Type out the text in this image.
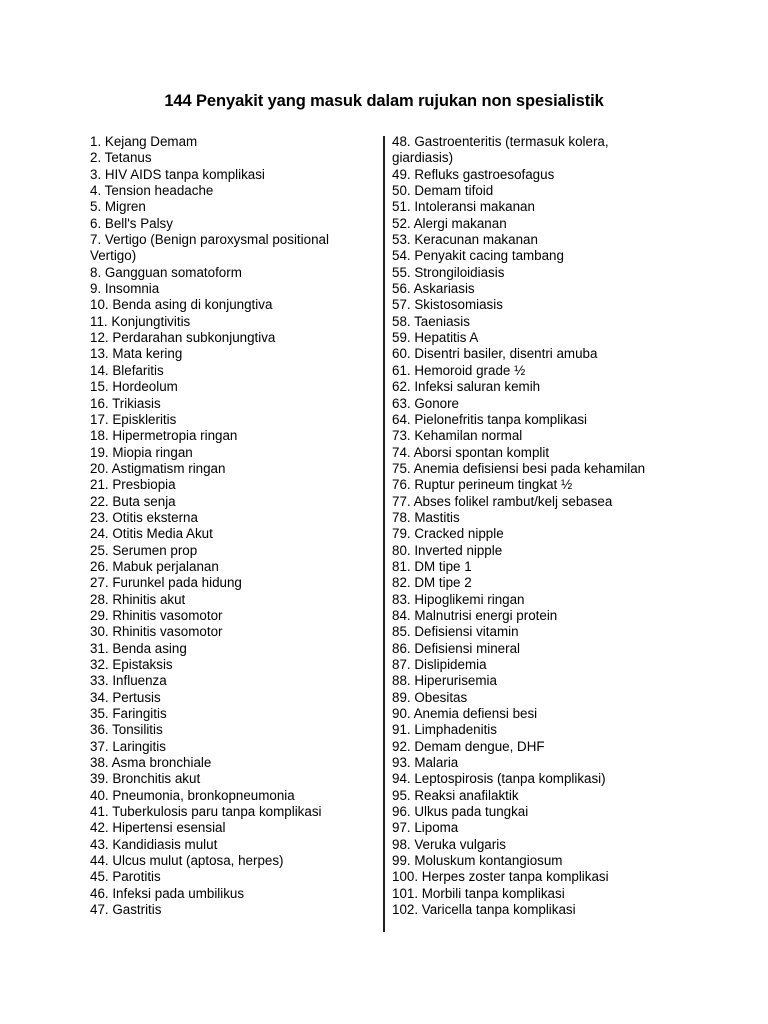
144 Penyakit yang masuk dalam rujukan non spesialistik
1. Kejang Demam
2. Tetanus
3. HIV AIDS tanpa komplikasi
4. Tension headache
5. Migren
6. Bell's Palsy
7. Vertigo (Benign paroxysmal positional Vertigo)
8. Gangguan somatoform
9. Insomnia
10. Benda asing di konjungtiva
11. Konjungtivitis
12. Perdarahan subkonjungtiva
13. Mata kering
14. Blefaritis
15. Hordeolum
16. Trikiasis
17. Episkleritis
18. Hipermetropia ringan
19. Miopia ringan
20. Astigmatism ringan
21. Presbiopia
22. Buta senja
23. Otitis eksterna
24. Otitis Media Akut
25. Serumen prop
26. Mabuk perjalanan
27. Furunkel pada hidung
28. Rhinitis akut
29. Rhinitis vasomotor
30. Rhinitis vasomotor
31. Benda asing
32. Epistaksis
33. Influenza
34. Pertusis
35. Faringitis
36. Tonsilitis
37. Laringitis
38. Asma bronchiale
39. Bronchitis akut
40. Pneumonia, bronkopneumonia
41. Tuberkulosis paru tanpa komplikasi
42. Hipertensi esensial
43. Kandidiasis mulut
44. Ulcus mulut (aptosa, herpes)
45. Parotitis
46. Infeksi pada umbilikus
47. Gastritis
48. Gastroenteritis (termasuk kolera, giardiasis)
49. Refluks gastroesofagus
50. Demam tifoid
51. Intoleransi makanan
52. Alergi makanan
53. Keracunan makanan
54. Penyakit cacing tambang
55. Strongiloidiasis
56. Askariasis
57. Skistosomiasis
58. Taeniasis
59. Hepatitis A
60. Disentri basiler, disentri amuba
61. Hemoroid grade ½
62. Infeksi saluran kemih
63. Gonore
64. Pielonefritis tanpa komplikasi
73. Kehamilan normal
74. Aborsi spontan komplit
75. Anemia defisiensi besi pada kehamilan
76. Ruptur perineum tingkat ½
77. Abses folikel rambut/kelj sebasea
78. Mastitis
79. Cracked nipple
80. Inverted nipple
81. DM tipe 1
82. DM tipe 2
83. Hipoglikemi ringan
84. Malnutrisi energi protein
85. Defisiensi vitamin
86. Defisiensi mineral
87. Dislipidemia
88. Hiperurisemia
89. Obesitas
90. Anemia defiensi besi
91. Limphadenitis
92. Demam dengue, DHF
93. Malaria
94. Leptospirosis (tanpa komplikasi)
95. Reaksi anafilaktik
96. Ulkus pada tungkai
97. Lipoma
98. Veruka vulgaris
99. Moluskum kontangiosum
100. Herpes zoster tanpa komplikasi
101. Morbili tanpa komplikasi
102. Varicella tanpa komplikasi
